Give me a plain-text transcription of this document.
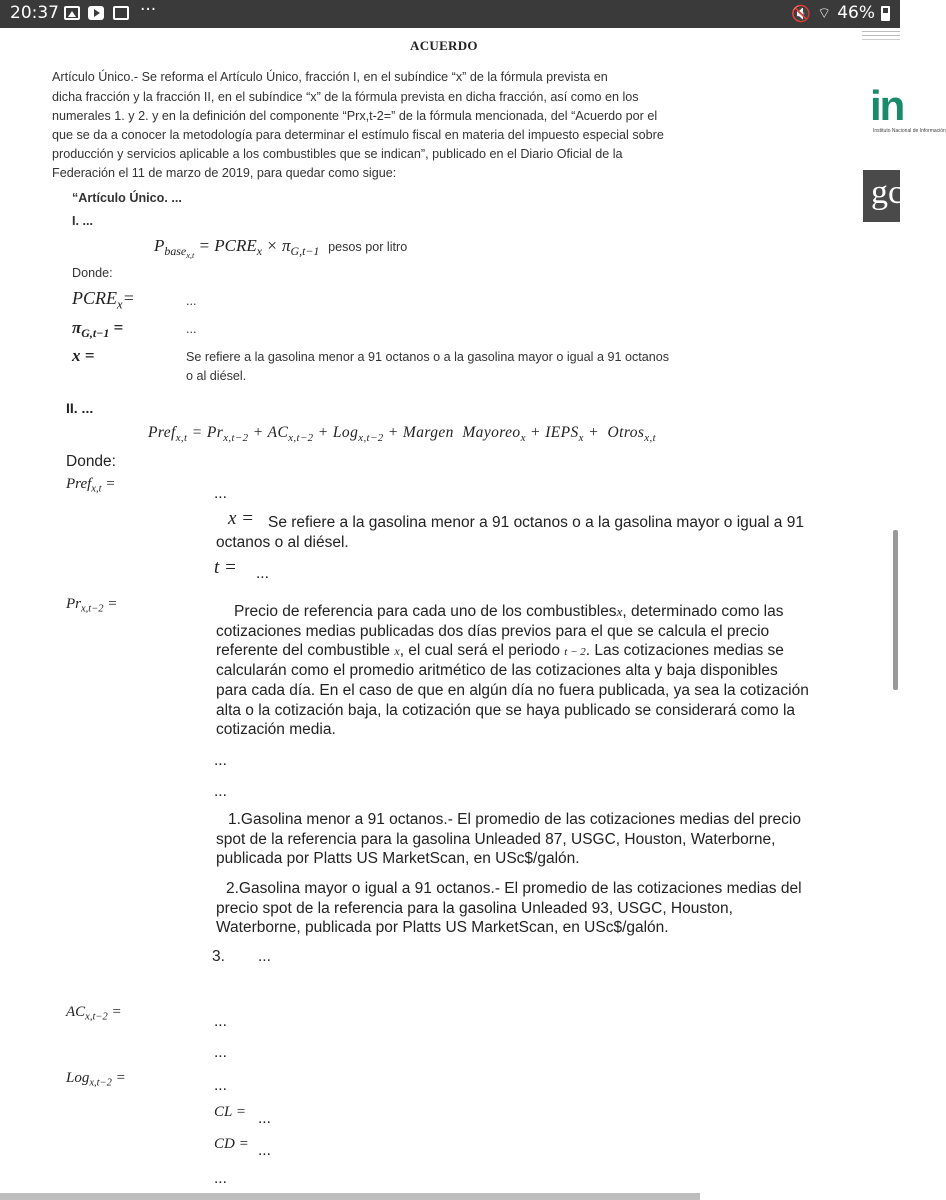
20:37	···	🔇 ⌔ 46%
in
Instituto Nacional de Información
gc
ACUERDO
Artículo Único.- Se reforma el Artículo Único, fracción I, en el subíndice “x” de la fórmula prevista en
dicha fracción y la fracción II, en el subíndice “x” de la fórmula prevista en dicha fracción, así como en los
numerales 1. y 2. y en la definición del componente “Prx,t-2=” de la fórmula mencionada, del “Acuerdo por el
que se da a conocer la metodología para determinar el estímulo fiscal en materia del impuesto especial sobre
producción y servicios aplicable a los combustibles que se indican”, publicado en el Diario Oficial de la
Federación el 11 de marzo de 2019, para quedar como sigue:
“Artículo Único. ...
I. ...
$P_{base_{x,t}}$ = $PCRE_x \times \pi_{G,t-1}$ pesos por litro
Donde:
$PCRE_x=$	...
$\pi_{G,t-1}$ =	...
x =	Se refiere a la gasolina menor a 91 octanos o a la gasolina mayor o igual a 91 octanos
o al diésel.
II. ...
Pref$_{x,t}$ = $Pr_{x,t-2} + AC_{x,t-2} + Log_{x,t-2}$ + Margen  Mayoreo$_x$ + $IEPS_x$ +  Otros$_{x,t}$
Donde:
Pref$_{x,t}$ =
...
x = Se refiere a la gasolina menor a 91 octanos o a la gasolina mayor o igual a 91
octanos o al diésel.
t = ...
$Pr_{x,t-2}$ =	Precio de referencia para cada uno de los combustiblesx, determinado como las
cotizaciones medias publicadas dos días previos para el que se calcula el precio
referente del combustible x, el cual será el periodo t − 2. Las cotizaciones medias se
calcularán como el promedio aritmético de las cotizaciones alta y baja disponibles
para cada día. En el caso de que en algún día no fuera publicada, ya sea la cotización
alta o la cotización baja, la cotización que se haya publicado se considerará como la
cotización media.
...
...
1.Gasolina menor a 91 octanos.- El promedio de las cotizaciones medias del precio
spot de la referencia para la gasolina Unleaded 87, USGC, Houston, Waterborne,
publicada por Platts US MarketScan, en USc$/galón.
2.Gasolina mayor o igual a 91 octanos.- El promedio de las cotizaciones medias del
precio spot de la referencia para la gasolina Unleaded 93, USGC, Houston,
Waterborne, publicada por Platts US MarketScan, en USc$/galón.
3. ...
$AC_{x,t-2}$ =
...
...
Log$_{x,t-2}$ =	...
CL = ...
CD = ...
...
